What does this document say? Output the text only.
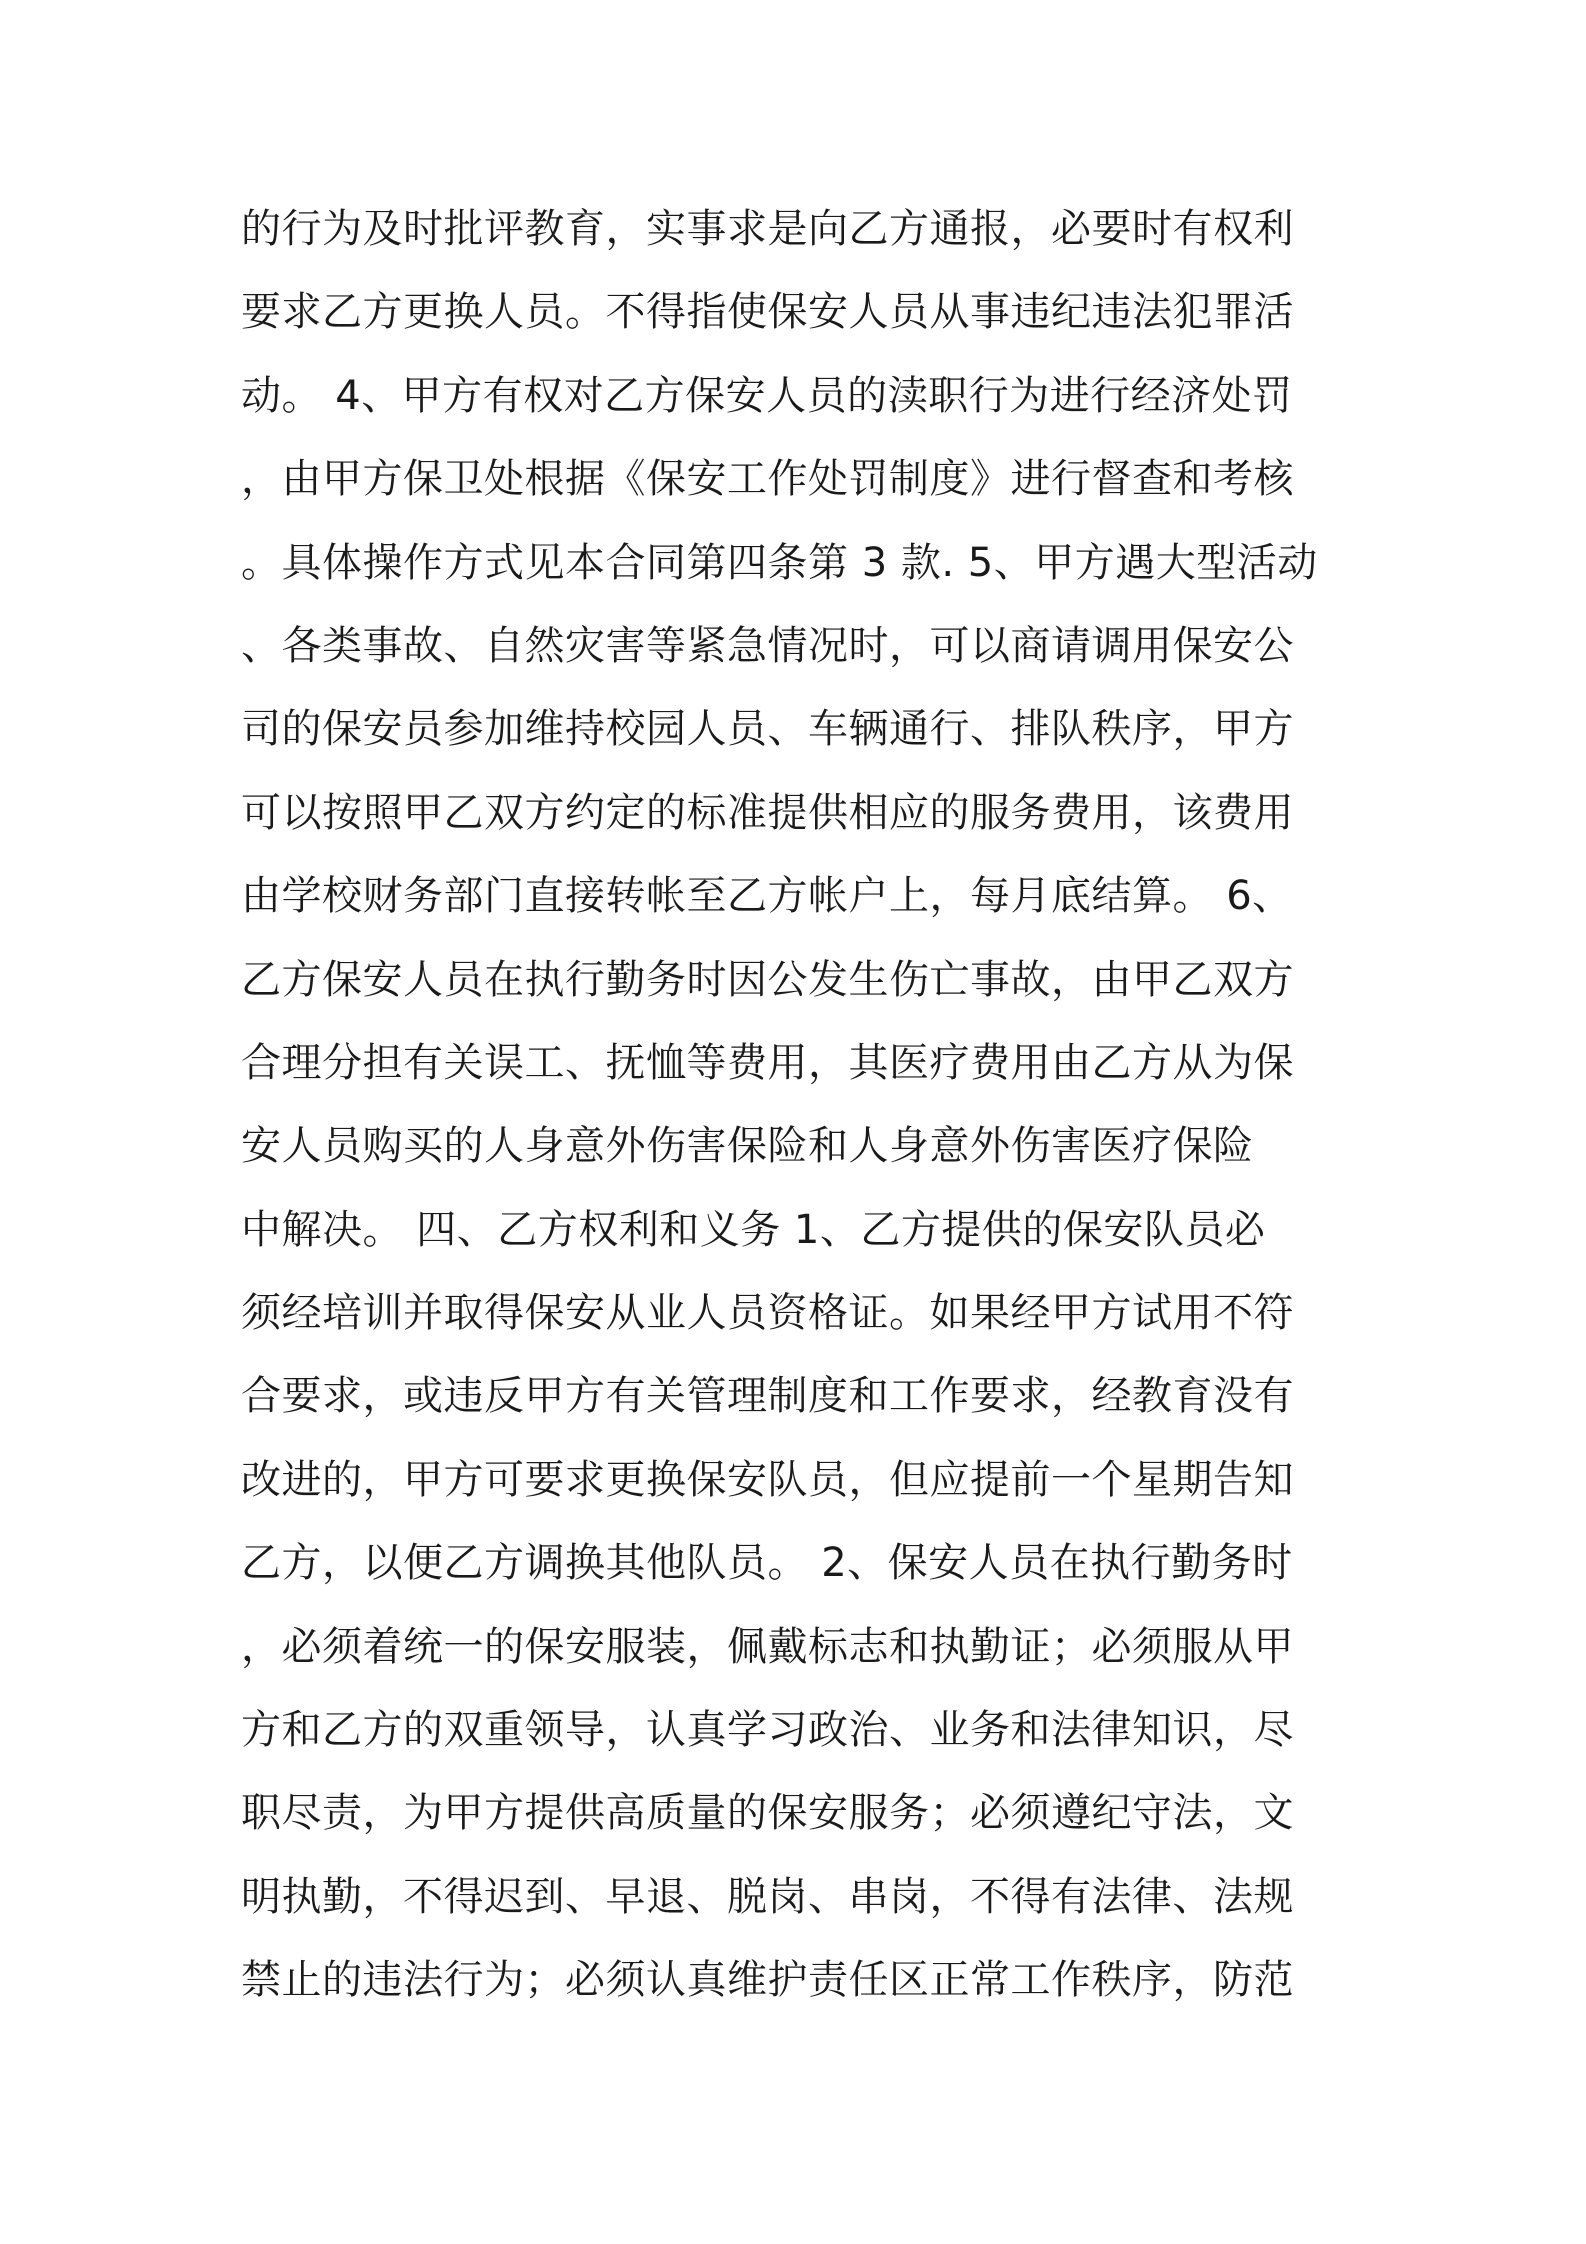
的行为及时批评教育，实事求是向乙方通报，必要时有权利
要求乙方更换人员。不得指使保安人员从事违纪违法犯罪活
动。 4、甲方有权对乙方保安人员的渎职行为进行经济处罚
，由甲方保卫处根据《保安工作处罚制度》进行督查和考核
。具体操作方式见本合同第四条第 3 款. 5、甲方遇大型活动
、各类事故、自然灾害等紧急情况时，可以商请调用保安公
司的保安员参加维持校园人员、车辆通行、排队秩序，甲方
可以按照甲乙双方约定的标准提供相应的服务费用，该费用
由学校财务部门直接转帐至乙方帐户上，每月底结算。 6、
乙方保安人员在执行勤务时因公发生伤亡事故，由甲乙双方
合理分担有关误工、抚恤等费用，其医疗费用由乙方从为保
安人员购买的人身意外伤害保险和人身意外伤害医疗保险
中解决。 四、乙方权利和义务 1、乙方提供的保安队员必
须经培训并取得保安从业人员资格证。如果经甲方试用不符
合要求，或违反甲方有关管理制度和工作要求，经教育没有
改进的，甲方可要求更换保安队员，但应提前一个星期告知
乙方，以便乙方调换其他队员。 2、保安人员在执行勤务时
，必须着统一的保安服装，佩戴标志和执勤证；必须服从甲
方和乙方的双重领导，认真学习政治、业务和法律知识，尽
职尽责，为甲方提供高质量的保安服务；必须遵纪守法，文
明执勤，不得迟到、早退、脱岗、串岗，不得有法律、法规
禁止的违法行为；必须认真维护责任区正常工作秩序，防范
